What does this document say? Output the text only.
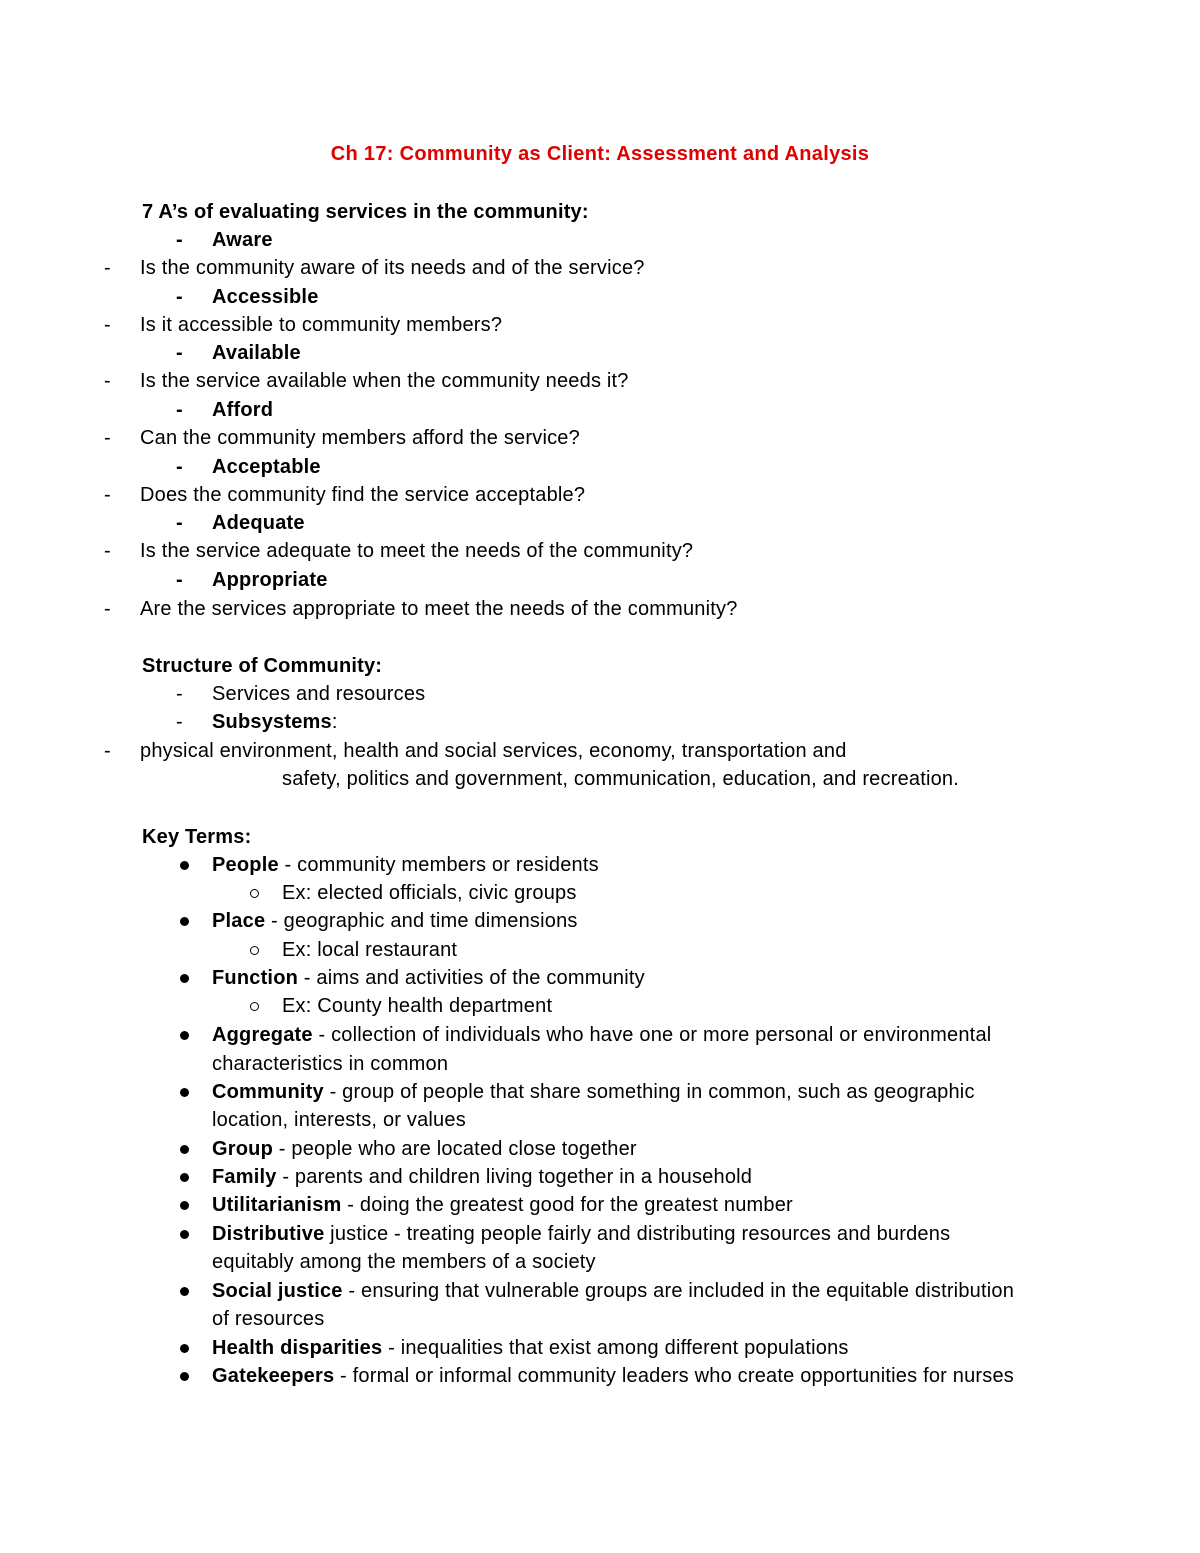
Ch 17: Community as Client: Assessment and Analysis
7 A’s of evaluating services in the community:
- Aware
- Is the community aware of its needs and of the service?
- Accessible
- Is it accessible to community members?
- Available
- Is the service available when the community needs it?
- Afford
- Can the community members afford the service?
- Acceptable
- Does the community find the service acceptable?
- Adequate
- Is the service adequate to meet the needs of the community?
- Appropriate
- Are the services appropriate to meet the needs of the community?
Structure of Community:
- Services and resources
- Subsystems:
- physical environment, health and social services, economy, transportation and
safety, politics and government, communication, education, and recreation.
Key Terms:
People - community members or residents
Ex: elected officials, civic groups
Place - geographic and time dimensions
Ex: local restaurant
Function - aims and activities of the community
Ex: County health department
Aggregate - collection of individuals who have one or more personal or environmental
characteristics in common
Community - group of people that share something in common, such as geographic
location, interests, or values
Group - people who are located close together
Family - parents and children living together in a household
Utilitarianism - doing the greatest good for the greatest number
Distributive justice - treating people fairly and distributing resources and burdens
equitably among the members of a society
Social justice - ensuring that vulnerable groups are included in the equitable distribution
of resources
Health disparities - inequalities that exist among different populations
Gatekeepers - formal or informal community leaders who create opportunities for nurses
